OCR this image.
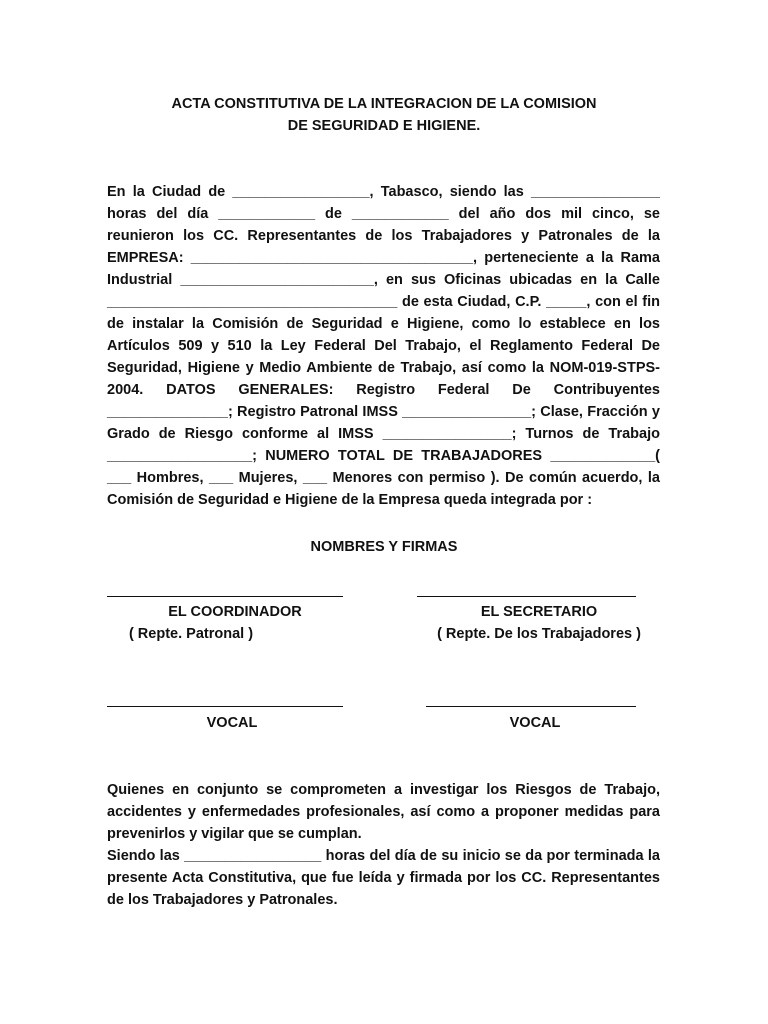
ACTA CONSTITUTIVA DE LA INTEGRACION DE LA COMISION
DE SEGURIDAD E HIGIENE.

En la Ciudad de _________________, Tabasco, siendo las ________________ horas del día ____________ de ____________ del año dos mil cinco, se reunieron los CC. Representantes de los Trabajadores y Patronales de la EMPRESA: ___________________________________, perteneciente a la Rama Industrial ________________________, en sus Oficinas ubicadas en la Calle ____________________________________ de esta Ciudad, C.P. _____, con el fin de instalar la Comisión de Seguridad e Higiene, como lo establece en los Artículos 509 y 510 la Ley Federal Del Trabajo, el Reglamento Federal De Seguridad, Higiene y Medio Ambiente de Trabajo, así como la NOM-019-STPS-2004. DATOS GENERALES: Registro Federal De Contribuyentes _______________; Registro Patronal IMSS ________________; Clase, Fracción y Grado de Riesgo conforme al IMSS ________________; Turnos de Trabajo __________________; NUMERO TOTAL DE TRABAJADORES _____________( ___ Hombres, ___ Mujeres, ___ Menores con permiso ). De común acuerdo, la Comisión de Seguridad e Higiene de la Empresa queda integrada por :

NOMBRES Y FIRMAS
EL COORDINADOR
( Repte. Patronal )
EL SECRETARIO
( Repte. De los Trabajadores )
VOCAL	VOCAL
Quienes en conjunto se comprometen a investigar los Riesgos de Trabajo, accidentes y enfermedades profesionales, así como a proponer medidas para prevenirlos y vigilar que se cumplan.
Siendo las _________________ horas del día de su inicio se da por terminada la presente Acta Constitutiva, que fue leída y firmada por los CC. Representantes de los Trabajadores y Patronales.
